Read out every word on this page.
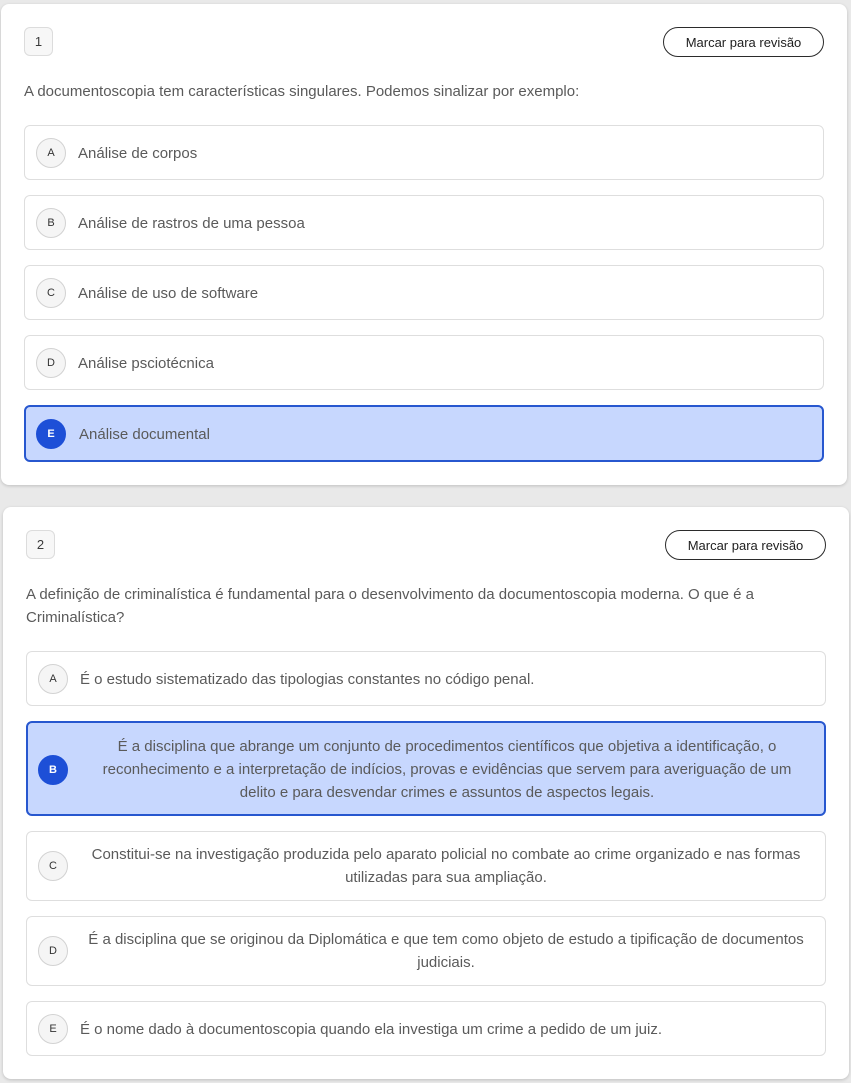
1	Marcar para revisão
A documentoscopia tem características singulares. Podemos sinalizar por exemplo:
A	Análise de corpos
B	Análise de rastros de uma pessoa
C	Análise de uso de software
D	Análise psciotécnica
E	Análise documental
2	Marcar para revisão
A definição de criminalística é fundamental para o desenvolvimento da documentoscopia moderna. O que é a Criminalística?
A	É o estudo sistematizado das tipologias constantes no código penal.
B
É a disciplina que abrange um conjunto de procedimentos científicos que objetiva a identificação, o reconhecimento e a interpretação de indícios, provas e evidências que servem para averiguação de um delito e para desvendar crimes e assuntos de aspectos legais.
C
Constitui-se na investigação produzida pelo aparato policial no combate ao crime organizado e nas formas utilizadas para sua ampliação.
D
É a disciplina que se originou da Diplomática e que tem como objeto de estudo a tipificação de documentos judiciais.
E	É o nome dado à documentoscopia quando ela investiga um crime a pedido de um juiz.
